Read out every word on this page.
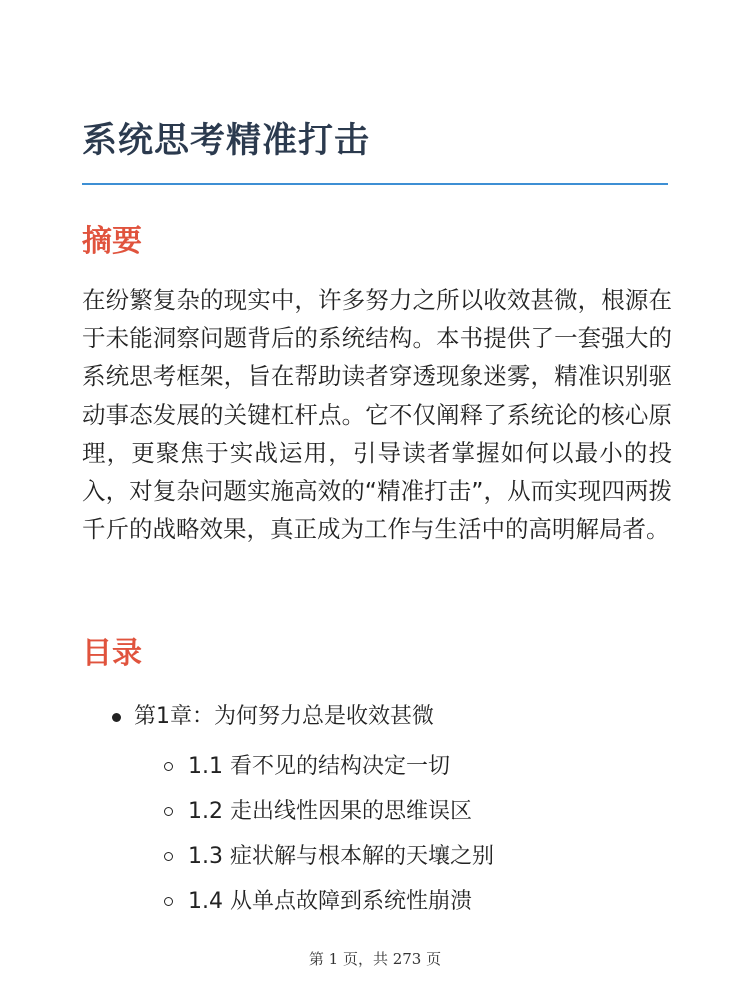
系统思考精准打击
摘要

在纷繁复杂的现实中，许多努力之所以收效甚微，根源在于未能洞察问题背后的系统结构。本书提供了一套强大的系统思考框架，旨在帮助读者穿透现象迷雾，精准识别驱动事态发展的关键杠杆点。它不仅阐释了系统论的核心原理，更聚焦于实战运用，引导读者掌握如何以最小的投入，对复杂问题实施高效的“精准打击”，从而实现四两拨千斤的战略效果，真正成为工作与生活中的高明解局者。

目录
第1章：为何努力总是收效甚微
1.1 看不见的结构决定一切
1.2 走出线性因果的思维误区
1.3 症状解与根本解的天壤之别
1.4 从单点故障到系统性崩溃
第 1 页，共 273 页
